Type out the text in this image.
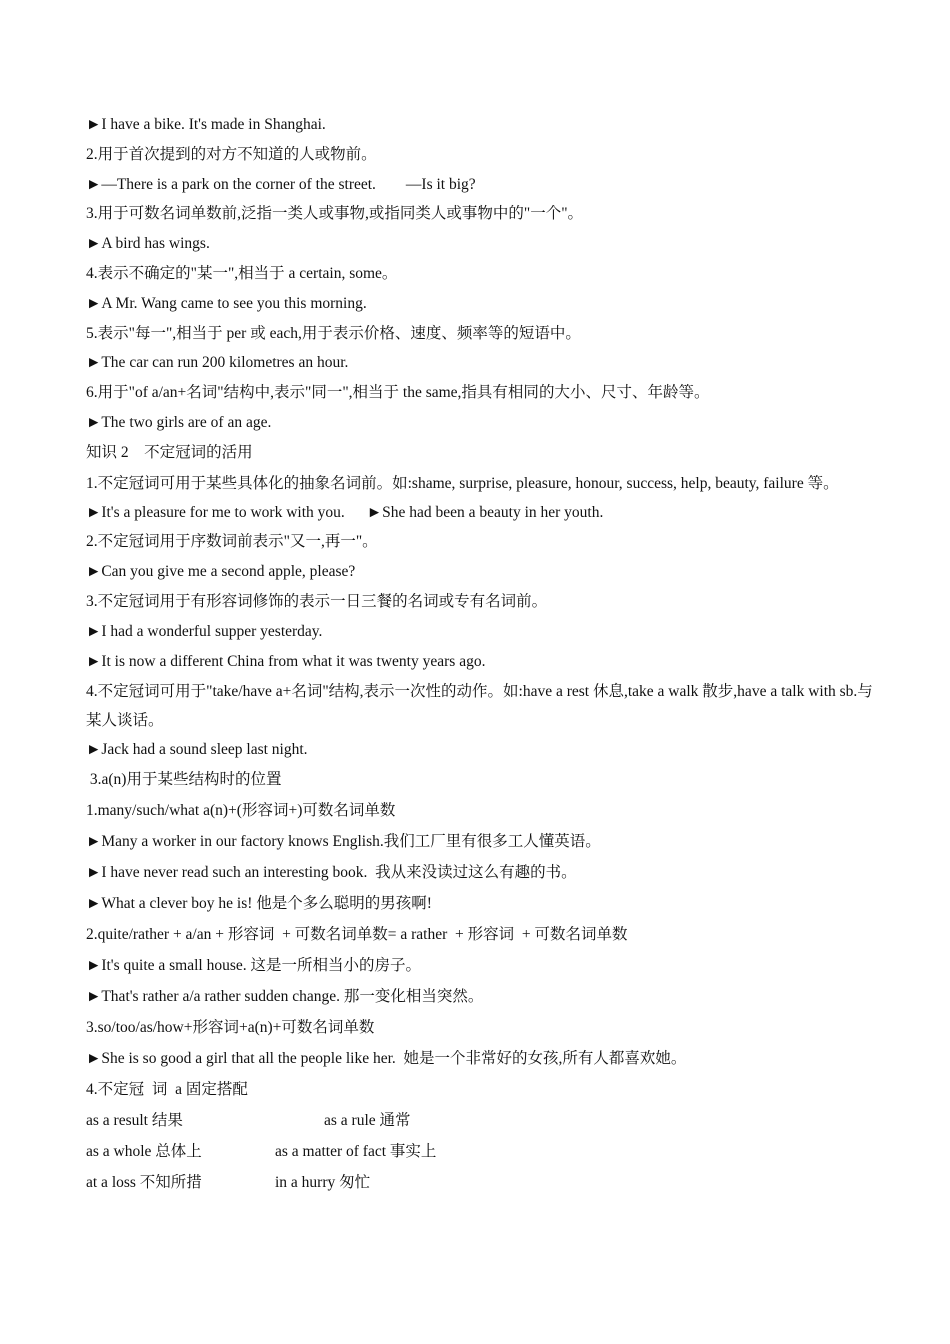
►I have a bike. It's made in Shanghai.
2.用于首次提到的对方不知道的人或物前。
►—There is a park on the corner of the street. —Is it big?
3.用于可数名词单数前,泛指一类人或事物,或指同类人或事物中的"一个"。
►A bird has wings.
4.表示不确定的"某一",相当于 a certain, some。
►A Mr. Wang came to see you this morning.
5.表示"每一",相当于 per 或 each,用于表示价格、速度、频率等的短语中。
►The car can run 200 kilometres an hour.
6.用于"of a/an+名词"结构中,表示"同一",相当于 the same,指具有相同的大小、尺寸、年龄等。
►The two girls are of an age.
知识 2    不定冠词的活用
1.不定冠词可用于某些具体化的抽象名词前。如:shame, surprise, pleasure, honour, success, help, beauty, failure 等。
►It's a pleasure for me to work with you. ►She had been a beauty in her youth.
2.不定冠词用于序数词前表示"又一,再一"。
►Can you give me a second apple, please?
3.不定冠词用于有形容词修饰的表示一日三餐的名词或专有名词前。
►I had a wonderful supper yesterday.
►It is now a different China from what it was twenty years ago.
4.不定冠词可用于"take/have a+名词"结构,表示一次性的动作。如:have a rest 休息,take a walk 散步,have a talk with sb.与某人谈话。
►Jack had a sound sleep last night.
3.a(n)用于某些结构时的位置
1.many/such/what a(n)+(形容词+)可数名词单数
►Many a worker in our factory knows English.我们工厂里有很多工人懂英语。
►I have never read such an interesting book.  我从来没读过这么有趣的书。
►What a clever boy he is! 他是个多么聪明的男孩啊!
2.quite/rather + a/an + 形容词  + 可数名词单数= a rather  + 形容词  + 可数名词单数
►It's quite a small house. 这是一所相当小的房子。
►That's rather a/a rather sudden change. 那一变化相当突然。
3.so/too/as/how+形容词+a(n)+可数名词单数
►She is so good a girl that all the people like her.  她是一个非常好的女孩,所有人都喜欢她。
4.不定冠  词  a 固定搭配
as a result 结果	as a rule 通常
as a whole 总体上	as a matter of fact 事实上
at a loss 不知所措	in a hurry 匆忙
